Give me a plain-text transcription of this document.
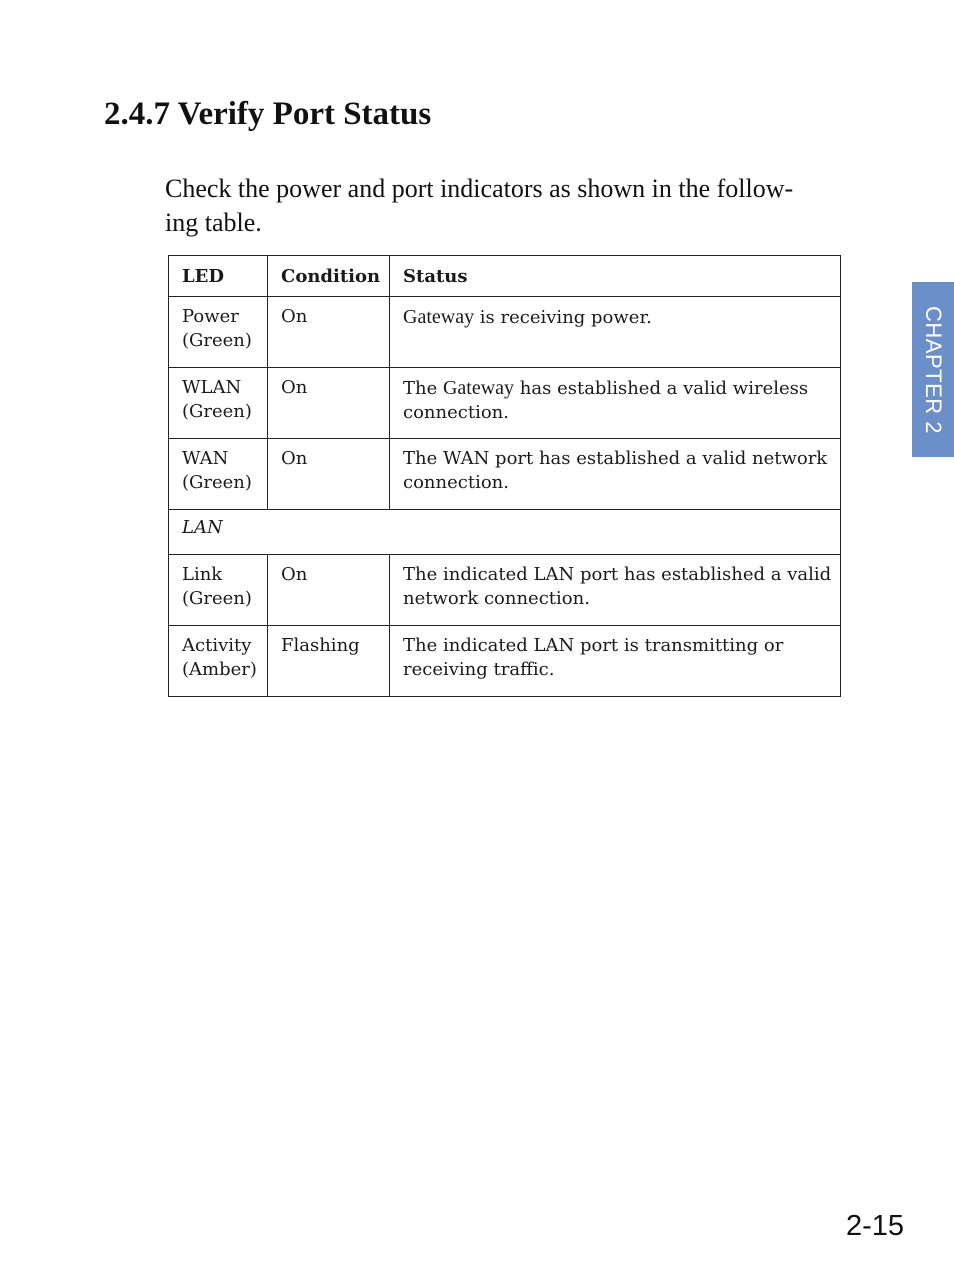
2.4.7 Verify Port Status

Check the power and port indicators as shown in the follow-
ing table.

LED	Condition	Status

Power
(Green)	On	Gateway is receiving power.

WLAN
(Green)	On	The Gateway has established a valid wireless
connection.

WAN
(Green)	On	The WAN port has established a valid network
connection.

LAN		

Link
(Green)	On	The indicated LAN port has established a valid
network connection.

Activity
(Amber)	Flashing	The indicated LAN port is transmitting or
receiving traffic.
CHAPTER 2
2-15
